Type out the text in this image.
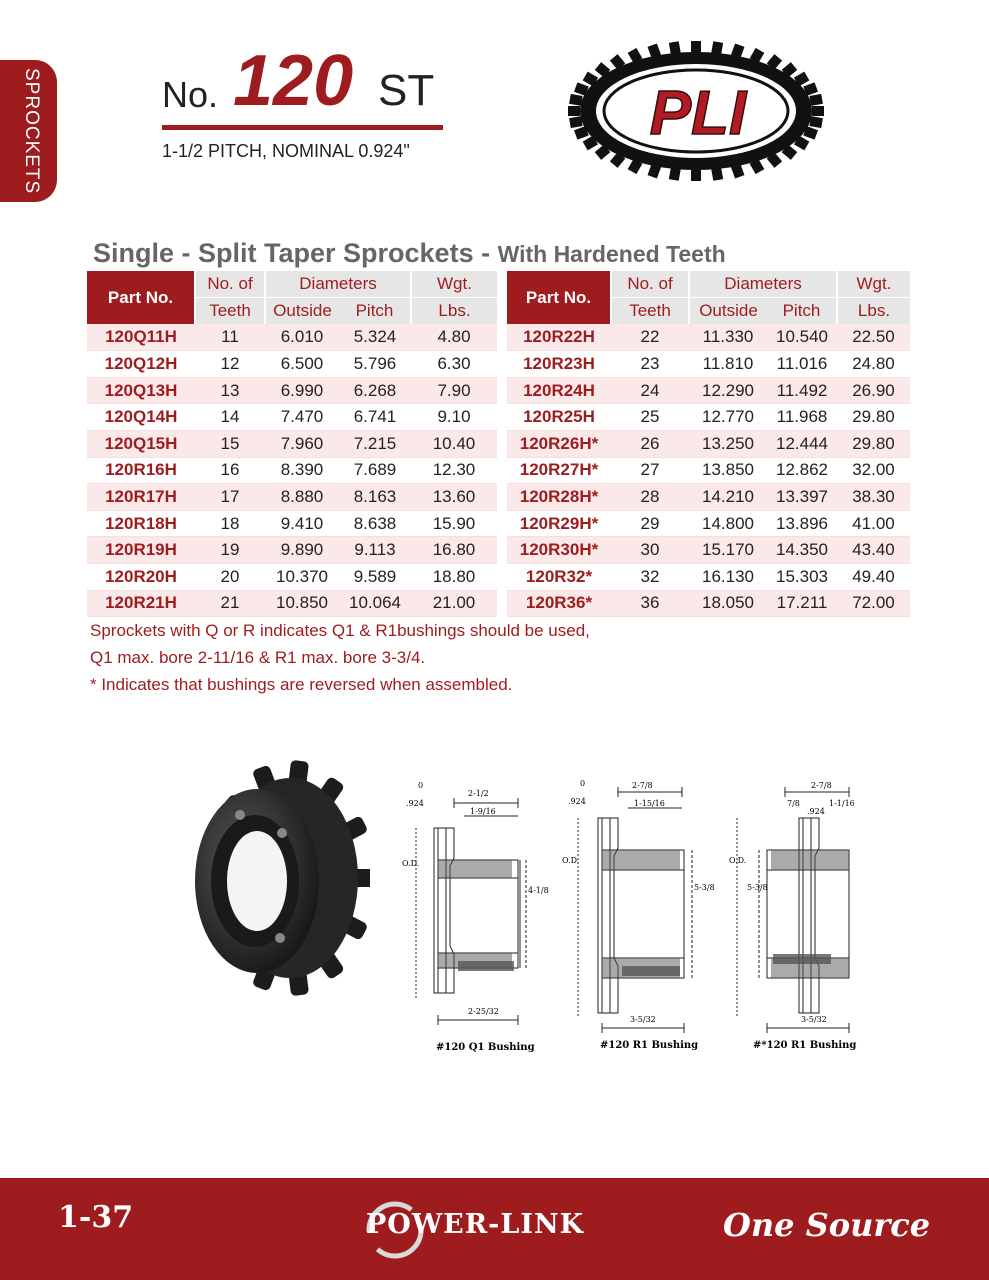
SPROCKETS	No. 120 ST
1-1/2 PITCH, NOMINAL 0.924"
PLI
Single - Split Taper Sprockets - With Hardened Teeth
Part No.	No. of	Diameters		Wgt.
	Teeth	Outside	Pitch	Lbs.
120Q11H	11	6.010	5.324	4.80
120Q12H	12	6.500	5.796	6.30
120Q13H	13	6.990	6.268	7.90
120Q14H	14	7.470	6.741	9.10
120Q15H	15	7.960	7.215	10.40
120R16H	16	8.390	7.689	12.30
120R17H	17	8.880	8.163	13.60
120R18H	18	9.410	8.638	15.90
120R19H	19	9.890	9.113	16.80
120R20H	20	10.370	9.589	18.80
120R21H	21	10.850	10.064	21.00
Part No.	No. of	Diameters		Wgt.
	Teeth	Outside	Pitch	Lbs.
120R22H	22	11.330	10.540	22.50
120R23H	23	11.810	11.016	24.80
120R24H	24	12.290	11.492	26.90
120R25H	25	12.770	11.968	29.80
120R26H*	26	13.250	12.444	29.80
120R27H*	27	13.850	12.862	32.00
120R28H*	28	14.210	13.397	38.30
120R29H*	29	14.800	13.896	41.00
120R30H*	30	15.170	14.350	43.40
120R32*	32	16.130	15.303	49.40
120R36*	36	18.050	17.211	72.00
Sprockets with Q or R indicates Q1 & R1bushings should be used,
Q1 max. bore 2-11/16 & R1 max. bore 3-3/4.
* Indicates that bushings are reversed when assembled.
0
.924
O.D.
2-1/2
1-9/16
4-1/8
2-25/32
#120 Q1 Bushing
0
.924
O.D.
2-7/8
1-15/16
5-3/8
3-5/32
#120 R1 Bushing
O.D.
2-7/8
7/8
.924
1-1/16
5-3/8
3-5/32
#*120 R1 Bushing
1-37	POWER-LINK	One Source
